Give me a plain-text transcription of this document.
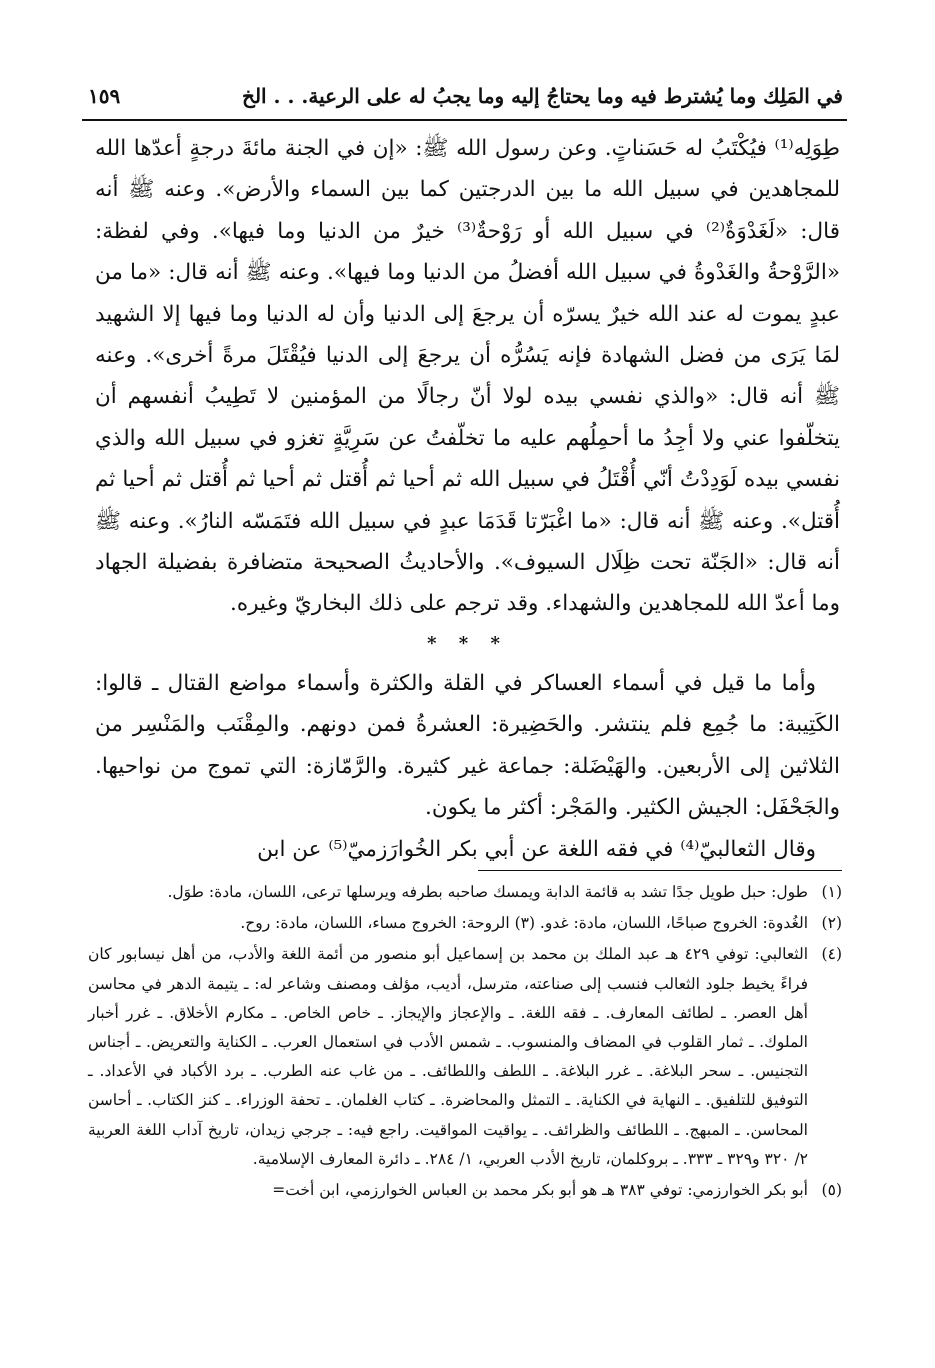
في المَلِك وما يُشترط فيه وما يحتاجُ إليه وما يجبُ له على الرعية. . . الخ
١٥٩

طِوَلِه⁽¹⁾ فيُكْتَبُ له حَسَناتٍ. وعن رسول الله ﷺ: «إن في الجنة مائةَ درجةٍ أعدّها الله للمجاهدين في سبيل الله ما بين الدرجتين كما بين السماء والأرض». وعنه ﷺ أنه قال: «لَغَدْوَةٌ⁽²⁾ في سبيل الله أو رَوْحةٌ⁽³⁾ خيرٌ من الدنيا وما فيها». وفي لفظة: «الرَّوْحةُ والغَدْوةُ في سبيل الله أفضلُ من الدنيا وما فيها». وعنه ﷺ أنه قال: «ما من عبدٍ يموت له عند الله خيرٌ يسرّه أن يرجعَ إلى الدنيا وأن له الدنيا وما فيها إلا الشهيد لمَا يَرَى من فضل الشهادة فإنه يَسُرُّه أن يرجعَ إلى الدنيا فيُقْتَلَ مرةً أخرى». وعنه ﷺ أنه قال: «والذي نفسي بيده لولا أنّ رجالًا من المؤمنين لا تَطِيبُ أنفسهم أن يتخلّفوا عني ولا أجِدُ ما أحمِلُهم عليه ما تخلّفتُ عن سَرِيَّةٍ تغزو في سبيل الله والذي نفسي بيده لَوَدِدْتُ أنّي أُقْتَلُ في سبيل الله ثم أحيا ثم أُقتل ثم أحيا ثم أُقتل ثم أحيا ثم أُقتل». وعنه ﷺ أنه قال: «ما اغْبَرّتا قَدَمَا عبدٍ في سبيل الله فتَمَسّه النارُ». وعنه ﷺ أنه قال: «الجَنّة تحت ظِلَال السيوف». والأحاديثُ الصحيحة متضافرة بفضيلة الجهاد وما أعدّ الله للمجاهدين والشهداء. وقد ترجم على ذلك البخاريّ وغيره.

* * *

وأما ما قيل في أسماء العساكر في القلة والكثرة وأسماء مواضع القتال ـ قالوا: الكَتِيبة: ما جُمِع فلم ينتشر. والحَضِيرة: العشرةُ فمن دونهم. والمِقْنَب والمَنْسِر من الثلاثين إلى الأربعين. والهَيْضَلة: جماعة غير كثيرة. والرَّمّازة: التي تموج من نواحيها. والجَحْفَل: الجيش الكثير. والمَجْر: أكثر ما يكون.

وقال الثعالبيّ⁽⁴⁾ في فقه اللغة عن أبي بكر الخُوارَزميّ⁽⁵⁾ عن ابن

(١)
طول: حبل طويل جدًا تشد به قائمة الدابة ويمسك صاحبه بطرفه ويرسلها ترعى، اللسان، مادة: طوَل.
(٢)
الغُدوة: الخروج صباحًا، اللسان، مادة: غدو. (٣) الروحة: الخروج مساء، اللسان، مادة: روح.
(٤)
الثعالبي: توفي ٤٢٩ هـ عبد الملك بن محمد بن إسماعيل أبو منصور من أئمة اللغة والأدب، من أهل نيسابور كان فراءً يخيط جلود الثعالب فنسب إلى صناعته، مترسل، أديب، مؤلف ومصنف وشاعر له: ـ يتيمة الدهر في محاسن أهل العصر. ـ لطائف المعارف. ـ فقه اللغة. ـ والإعجاز والإيجاز. ـ خاص الخاص. ـ مكارم الأخلاق. ـ غرر أخبار الملوك. ـ ثمار القلوب في المضاف والمنسوب. ـ شمس الأدب في استعمال العرب. ـ الكناية والتعريض. ـ أجناس التجنيس. ـ سحر البلاغة. ـ غرر البلاغة. ـ اللطف واللطائف. ـ من غاب عنه الطرب. ـ برد الأكباد في الأعداد. ـ التوفيق للتلفيق. ـ النهاية في الكناية. ـ التمثل والمحاضرة. ـ كتاب الغلمان. ـ تحفة الوزراء. ـ كنز الكتاب. ـ أحاسن المحاسن. ـ المبهج. ـ اللطائف والظرائف. ـ يواقيت المواقيت. راجع فيه: ـ جرجي زيدان، تاريخ آداب اللغة العربية ٢/ ٣٢٠ و٣٢٩ ـ ٣٣٣. ـ بروكلمان، تاريخ الأدب العربي، ١/ ٢٨٤. ـ دائرة المعارف الإسلامية.
(٥)
أبو بكر الخوارزمي: توفي ٣٨٣ هـ هو أبو بكر محمد بن العباس الخوارزمي، ابن أخت=
